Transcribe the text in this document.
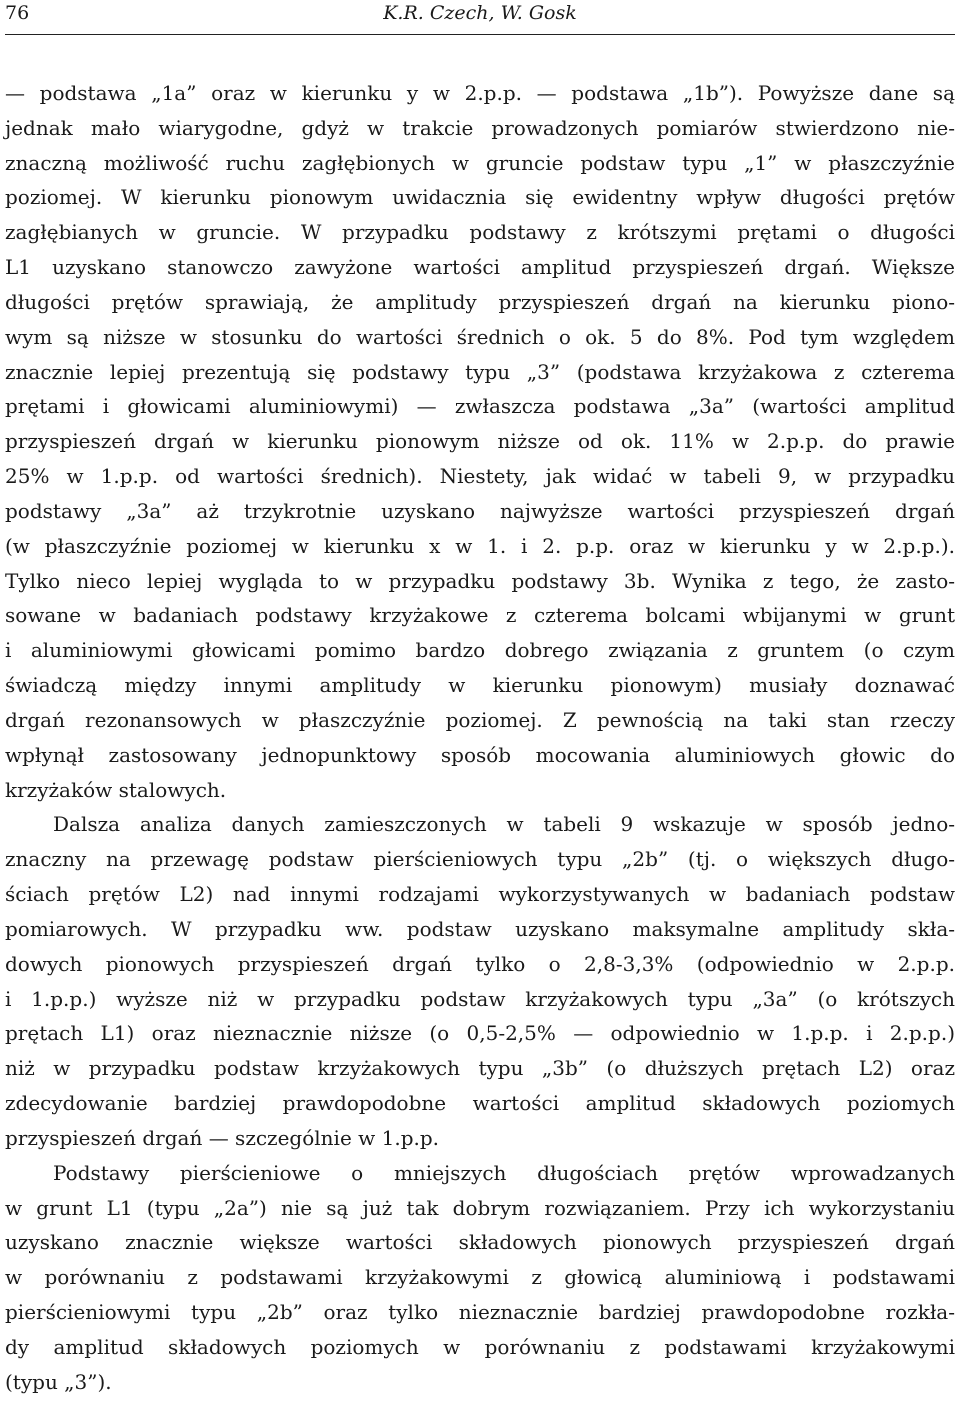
76	K.R. Czech, W. Gosk
— podstawa „1a” oraz w kierunku y w 2.p.p. — podstawa „1b”). Powyższe dane są
jednak mało wiarygodne, gdyż w trakcie prowadzonych pomiarów stwierdzono nie-
znaczną możliwość ruchu zagłębionych w gruncie podstaw typu „1” w płaszczyźnie
poziomej. W kierunku pionowym uwidacznia się ewidentny wpływ długości prętów
zagłębianych w gruncie. W przypadku podstawy z krótszymi prętami o długości
L1 uzyskano stanowczo zawyżone wartości amplitud przyspieszeń drgań. Większe
długości prętów sprawiają, że amplitudy przyspieszeń drgań na kierunku piono-
wym są niższe w stosunku do wartości średnich o ok. 5 do 8%. Pod tym względem
znacznie lepiej prezentują się podstawy typu „3” (podstawa krzyżakowa z czterema
prętami i głowicami aluminiowymi) — zwłaszcza podstawa „3a” (wartości amplitud
przyspieszeń drgań w kierunku pionowym niższe od ok. 11% w 2.p.p. do prawie
25% w 1.p.p. od wartości średnich). Niestety, jak widać w tabeli 9, w przypadku
podstawy „3a” aż trzykrotnie uzyskano najwyższe wartości przyspieszeń drgań
(w płaszczyźnie poziomej w kierunku x w 1. i 2. p.p. oraz w kierunku y w 2.p.p.).
Tylko nieco lepiej wygląda to w przypadku podstawy 3b. Wynika z tego, że zasto-
sowane w badaniach podstawy krzyżakowe z czterema bolcami wbijanymi w grunt
i aluminiowymi głowicami pomimo bardzo dobrego związania z gruntem (o czym
świadczą między innymi amplitudy w kierunku pionowym) musiały doznawać
drgań rezonansowych w płaszczyźnie poziomej. Z pewnością na taki stan rzeczy
wpłynął zastosowany jednopunktowy sposób mocowania aluminiowych głowic do
krzyżaków stalowych.
Dalsza analiza danych zamieszczonych w tabeli 9 wskazuje w sposób jedno-
znaczny na przewagę podstaw pierścieniowych typu „2b” (tj. o większych długo-
ściach prętów L2) nad innymi rodzajami wykorzystywanych w badaniach podstaw
pomiarowych. W przypadku ww. podstaw uzyskano maksymalne amplitudy skła-
dowych pionowych przyspieszeń drgań tylko o 2,8-3,3% (odpowiednio w 2.p.p.
i 1.p.p.) wyższe niż w przypadku podstaw krzyżakowych typu „3a” (o krótszych
prętach L1) oraz nieznacznie niższe (o 0,5-2,5% — odpowiednio w 1.p.p. i 2.p.p.)
niż w przypadku podstaw krzyżakowych typu „3b” (o dłuższych prętach L2) oraz
zdecydowanie bardziej prawdopodobne wartości amplitud składowych poziomych
przyspieszeń drgań — szczególnie w 1.p.p.
Podstawy pierścieniowe o mniejszych długościach prętów wprowadzanych
w grunt L1 (typu „2a”) nie są już tak dobrym rozwiązaniem. Przy ich wykorzystaniu
uzyskano znacznie większe wartości składowych pionowych przyspieszeń drgań
w porównaniu z podstawami krzyżakowymi z głowicą aluminiową i podstawami
pierścieniowymi typu „2b” oraz tylko nieznacznie bardziej prawdopodobne rozkła-
dy amplitud składowych poziomych w porównaniu z podstawami krzyżakowymi
(typu „3”).
